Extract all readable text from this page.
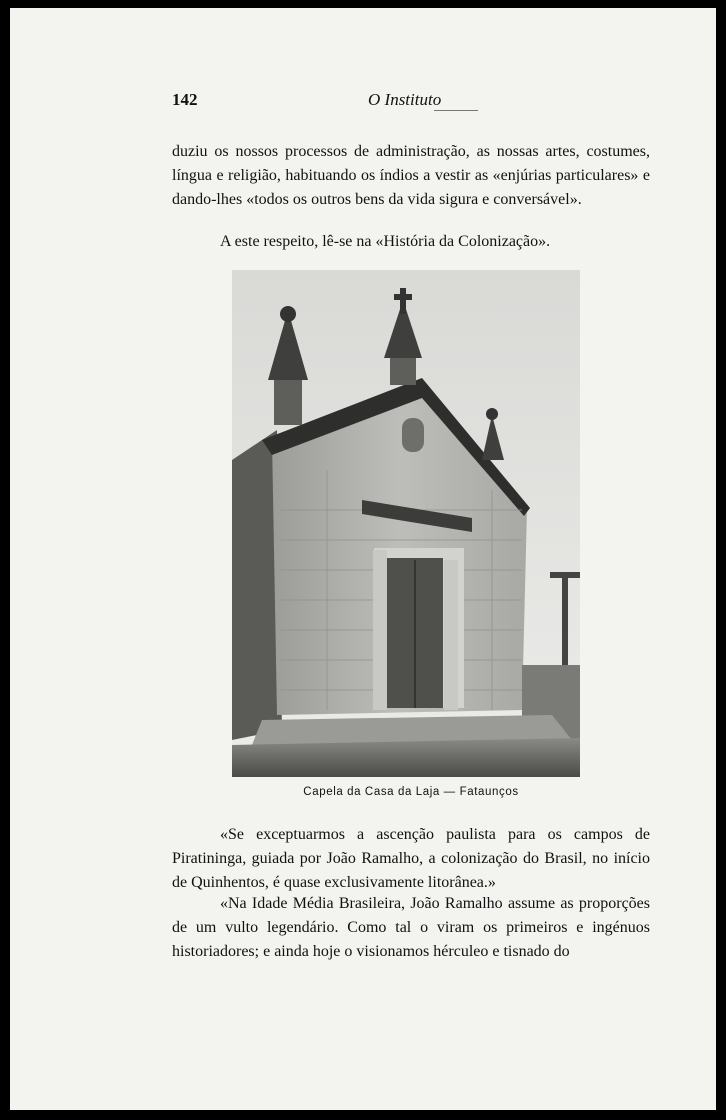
142	O Instituto

duziu os nossos processos de administração, as nossas artes, costumes, língua e religião, habituando os índios a vestir as «enjúrias particulares» e dando-lhes «todos os outros bens da vida sigura e conversável».

A este respeito, lê-se na «História da Colonização».

Capela da Casa da Laja — Fataunços

«Se exceptuarmos a ascenção paulista para os campos de Piratininga, guiada por João Ramalho, a colonização do Brasil, no início de Quinhentos, é quase exclusivamente litorânea.»

«Na Idade Média Brasileira, João Ramalho assume as proporções de um vulto legendário. Como tal o viram os primeiros e ingénuos historiadores; e ainda hoje o visionamos hérculeo e tisnado do
